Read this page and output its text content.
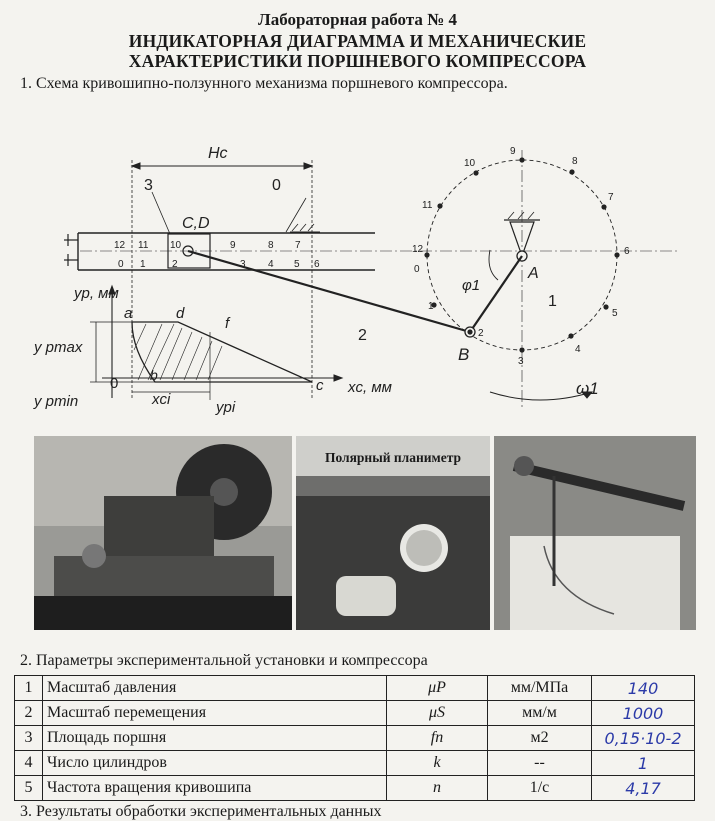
Лабораторная работа № 4
ИНДИКАТОРНАЯ ДИАГРАММА И МЕХАНИЧЕСКИЕ
ХАРАКТЕРИСТИКИ ПОРШНЕВОГО КОМПРЕССОРА
1. Схема кривошипно-ползунного механизма поршневого компрессора.
Hc
3	0
C,D
12 11 10	9	8 7
0 1	2	3 4 5 6
2
A
B
φ1
1
ω1
0
12
1
2
3
4
5
6
7
8
9
10
11
yp, мм
xc, мм
0
a	d
b
c
f
y pmax
y pmin	xci	ypi
Полярный планиметр
2. Параметры экспериментальной установки и компрессора
1	Масштаб давления	μP	мм/МПа	140
2	Масштаб перемещения	μS	мм/м	1000
3	Площадь поршня	fп	м2	0,15·10-2
4	Число цилиндров	k	--	1
5	Частота вращения кривошипа	n	1/с	4,17
3. Результаты обработки экспериментальных данных
